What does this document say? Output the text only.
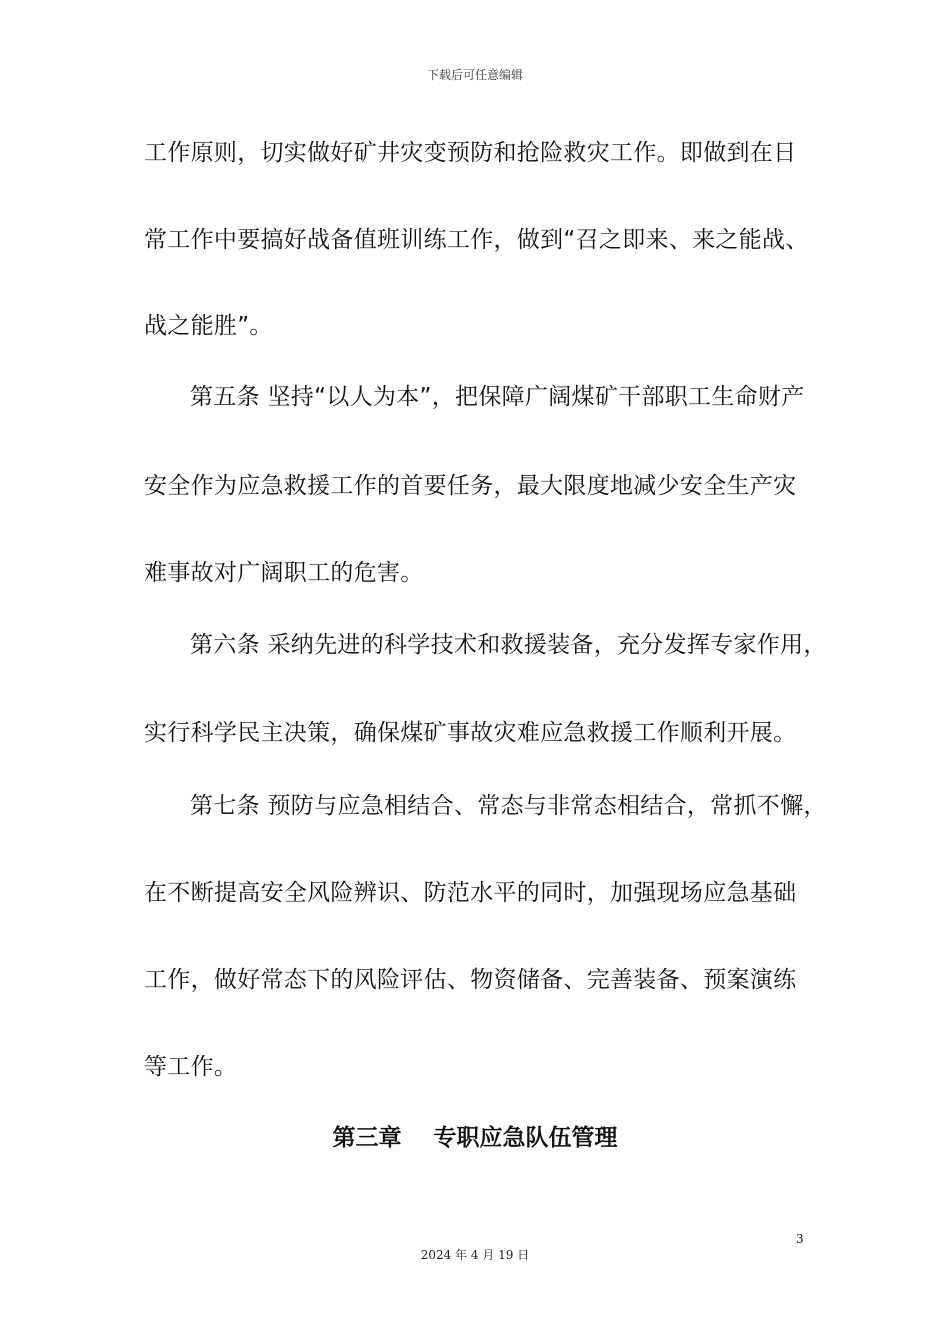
下载后可任意编辑
工作原则，切实做好矿井灾变预防和抢险救灾工作。即做到在日
常工作中要搞好战备值班训练工作，做到“召之即来、来之能战、
战之能胜”。
第五条 坚持“以人为本”，把保障广阔煤矿干部职工生命财产
安全作为应急救援工作的首要任务，最大限度地减少安全生产灾
难事故对广阔职工的危害。
第六条 采纳先进的科学技术和救援装备，充分发挥专家作用，
实行科学民主决策，确保煤矿事故灾难应急救援工作顺利开展。
第七条 预防与应急相结合、常态与非常态相结合，常抓不懈，
在不断提高安全风险辨识、防范水平的同时，加强现场应急基础
工作，做好常态下的风险评估、物资储备、完善装备、预案演练
等工作。
第三章    专职应急队伍管理
3
2024 年 4 月 19 日
